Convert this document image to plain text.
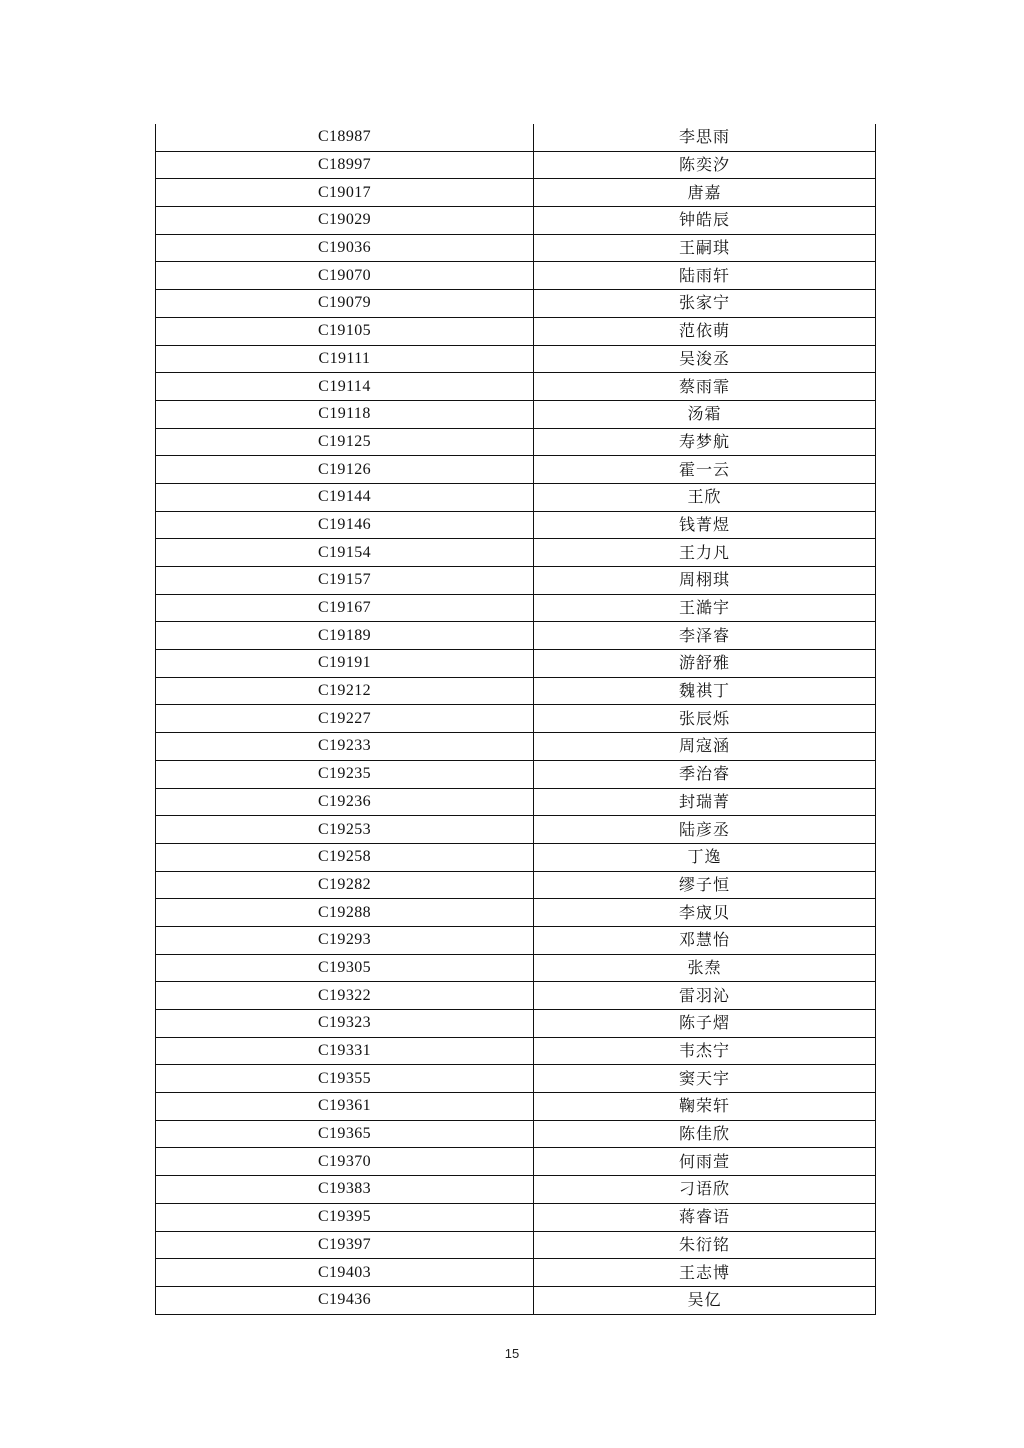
C18987	李思雨
C18997	陈奕汐
C19017	唐嘉
C19029	钟皓辰
C19036	王嗣琪
C19070	陆雨轩
C19079	张家宁
C19105	范依萌
C19111	吴浚丞
C19114	蔡雨霏
C19118	汤霜
C19125	寿梦航
C19126	霍一云
C19144	王欣
C19146	钱菁煜
C19154	王力凡
C19157	周栩琪
C19167	王澔宇
C19189	李泽睿
C19191	游舒雅
C19212	魏祺丁
C19227	张辰烁
C19233	周寇涵
C19235	季治睿
C19236	封瑞菁
C19253	陆彦丞
C19258	丁逸
C19282	缪子恒
C19288	李宬贝
C19293	邓慧怡
C19305	张焘
C19322	雷羽沁
C19323	陈子熠
C19331	韦杰宁
C19355	窦天宇
C19361	鞠荣轩
C19365	陈佳欣
C19370	何雨萱
C19383	刁语欣
C19395	蒋睿语
C19397	朱衍铭
C19403	王志博
C19436	吴亿
15
